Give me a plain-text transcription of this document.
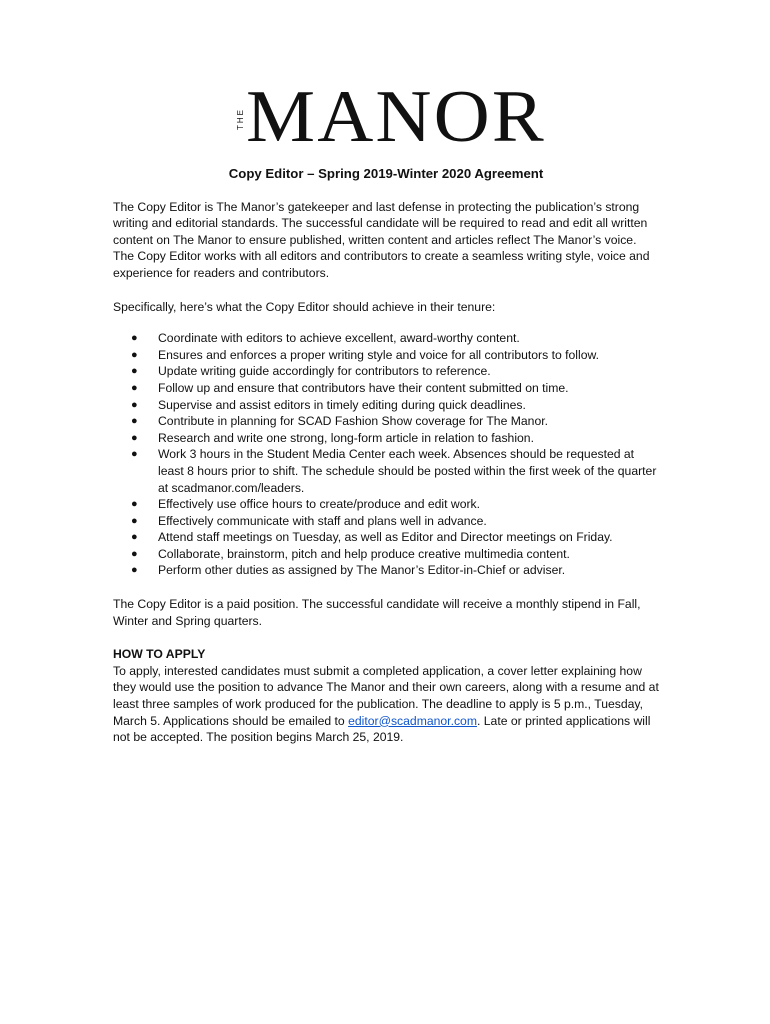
THE MANOR
Copy Editor – Spring 2019-Winter 2020 Agreement

The Copy Editor is The Manor’s gatekeeper and last defense in protecting the publication’s strong writing and editorial standards. The successful candidate will be required to read and edit all written content on The Manor to ensure published, written content and articles reflect The Manor’s voice. The Copy Editor works with all editors and contributors to create a seamless writing style, voice and experience for readers and contributors.

Specifically, here’s what the Copy Editor should achieve in their tenure:

● Coordinate with editors to achieve excellent, award-worthy content.
● Ensures and enforces a proper writing style and voice for all contributors to follow.
● Update writing guide accordingly for contributors to reference.
● Follow up and ensure that contributors have their content submitted on time.
● Supervise and assist editors in timely editing during quick deadlines.
● Contribute in planning for SCAD Fashion Show coverage for The Manor.
● Research and write one strong, long-form article in relation to fashion.
● Work 3 hours in the Student Media Center each week. Absences should be requested at least 8 hours prior to shift. The schedule should be posted within the first week of the quarter at scadmanor.com/leaders.
● Effectively use office hours to create/produce and edit work.
● Effectively communicate with staff and plans well in advance.
● Attend staff meetings on Tuesday, as well as Editor and Director meetings on Friday.
● Collaborate, brainstorm, pitch and help produce creative multimedia content.
● Perform other duties as assigned by The Manor’s Editor-in-Chief or adviser.

The Copy Editor is a paid position. The successful candidate will receive a monthly stipend in Fall, Winter and Spring quarters.

HOW TO APPLY

To apply, interested candidates must submit a completed application, a cover letter explaining how they would use the position to advance The Manor and their own careers, along with a resume and at least three samples of work produced for the publication. The deadline to apply is 5 p.m., Tuesday, March 5. Applications should be emailed to editor@scadmanor.com. Late or printed applications will not be accepted. The position begins March 25, 2019.
